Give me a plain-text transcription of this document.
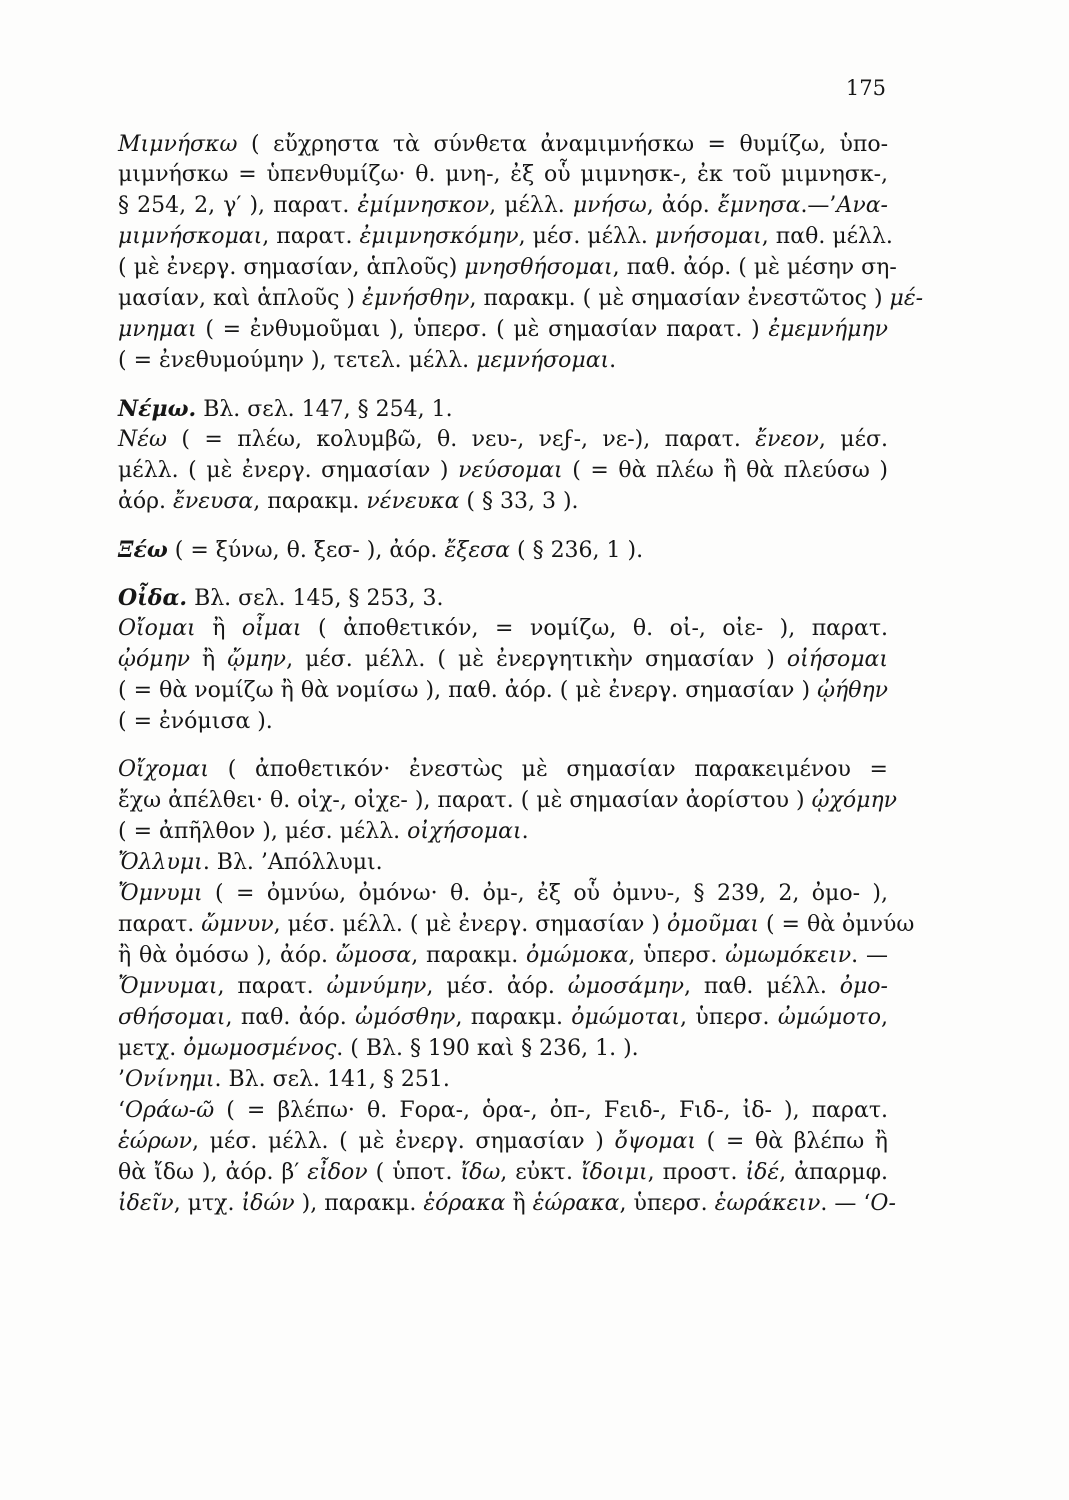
175
Μιμνήσκω ( εὔχρηστα τὰ σύνθετα ἀναμιμνήσκω = θυμίζω, ὑπο-
μιμνήσκω = ὑπενθυμίζω· θ. μνη-, ἐξ οὗ μιμνησκ-, ἐκ τοῦ μιμνησκ-,
§ 254, 2, γ′ ), παρατ. ἐμίμνησκον, μέλλ. μνήσω, ἀόρ. ἔμνησα.—’Ανα-
μιμνήσκομαι, παρατ. ἐμιμνησκόμην, μέσ. μέλλ. μνήσομαι, παθ. μέλλ.
( μὲ ἐνεργ. σημασίαν, ἁπλοῦς) μνησθήσομαι, παθ. ἀόρ. ( μὲ μέσην ση-
μασίαν, καὶ ἁπλοῦς ) ἐμνήσθην, παρακμ. ( μὲ σημασίαν ἐνεστῶτος ) μέ-
μνημαι ( = ἐνθυμοῦμαι ), ὑπερσ. ( μὲ σημασίαν παρατ. ) ἐμεμνήμην
( = ἐνεθυμούμην ), τετελ. μέλλ. μεμνήσομαι.
Νέμω. Βλ. σελ. 147, § 254, 1.
Νέω ( = πλέω, κολυμβῶ, θ. νευ-, νεϝ-, νε-), παρατ. ἔνεον, μέσ.
μέλλ. ( μὲ ἐνεργ. σημασίαν ) νεύσομαι ( = θὰ πλέω ἢ θὰ πλεύσω )
ἀόρ. ἔνευσα, παρακμ. νένευκα ( § 33, 3 ).
Ξέω ( = ξύνω, θ. ξεσ- ), ἀόρ. ἔξεσα ( § 236, 1 ).
Οἶδα. Βλ. σελ. 145, § 253, 3.
Οἴομαι ἢ οἶμαι ( ἀποθετικόν, = νομίζω, θ. οἰ-, οἰε- ), παρατ.
ᾠόμην ἢ ᾤμην, μέσ. μέλλ. ( μὲ ἐνεργητικὴν σημασίαν ) οἰήσομαι
( = θὰ νομίζω ἢ θὰ νομίσω ), παθ. ἀόρ. ( μὲ ἐνεργ. σημασίαν ) ᾠήθην
( = ἐνόμισα ).
Οἴχομαι ( ἀποθετικόν· ἐνεστὼς μὲ σημασίαν παρακειμένου =
ἔχω ἀπέλθει· θ. οἰχ-, οἰχε- ), παρατ. ( μὲ σημασίαν ἀορίστου ) ᾠχόμην
( = ἀπῆλθον ), μέσ. μέλλ. οἰχήσομαι.
Ὄλλυμι. Βλ. ’Απόλλυμι.
Ὄμνυμι ( = ὀμνύω, ὀμόνω· θ. ὀμ-, ἐξ οὗ ὀμνυ-, § 239, 2, ὀμο- ),
παρατ. ὤμνυν, μέσ. μέλλ. ( μὲ ἐνεργ. σημασίαν ) ὀμοῦμαι ( = θὰ ὀμνύω
ἢ θὰ ὀμόσω ), ἀόρ. ὤμοσα, παρακμ. ὀμώμοκα, ὑπερσ. ὠμωμόκειν. —
Ὄμνυμαι, παρατ. ὠμνύμην, μέσ. ἀόρ. ὠμοσάμην, παθ. μέλλ. ὀμο-
σθήσομαι, παθ. ἀόρ. ὠμόσθην, παρακμ. ὀμώμοται, ὑπερσ. ὠμώμοτο,
μετχ. ὀμωμοσμένος. ( Βλ. § 190 καὶ § 236, 1. ).
’Ονίνημι. Βλ. σελ. 141, § 251.
‘Οράω-ῶ ( = βλέπω· θ. Ϝορα-, ὁρα-, ὀπ-, Ϝειδ-, Ϝιδ-, ἰδ- ), παρατ.
ἑώρων, μέσ. μέλλ. ( μὲ ἐνεργ. σημασίαν ) ὄψομαι ( = θὰ βλέπω ἢ
θὰ ἴδω ), ἀόρ. β′ εἶδον ( ὑποτ. ἴδω, εὐκτ. ἴδοιμι, προστ. ἰδέ, ἀπαρμφ.
ἰδεῖν, μτχ. ἰδών ), παρακμ. ἑόρακα ἢ ἑώρακα, ὑπερσ. ἑωράκειν. — ‘Ο-
